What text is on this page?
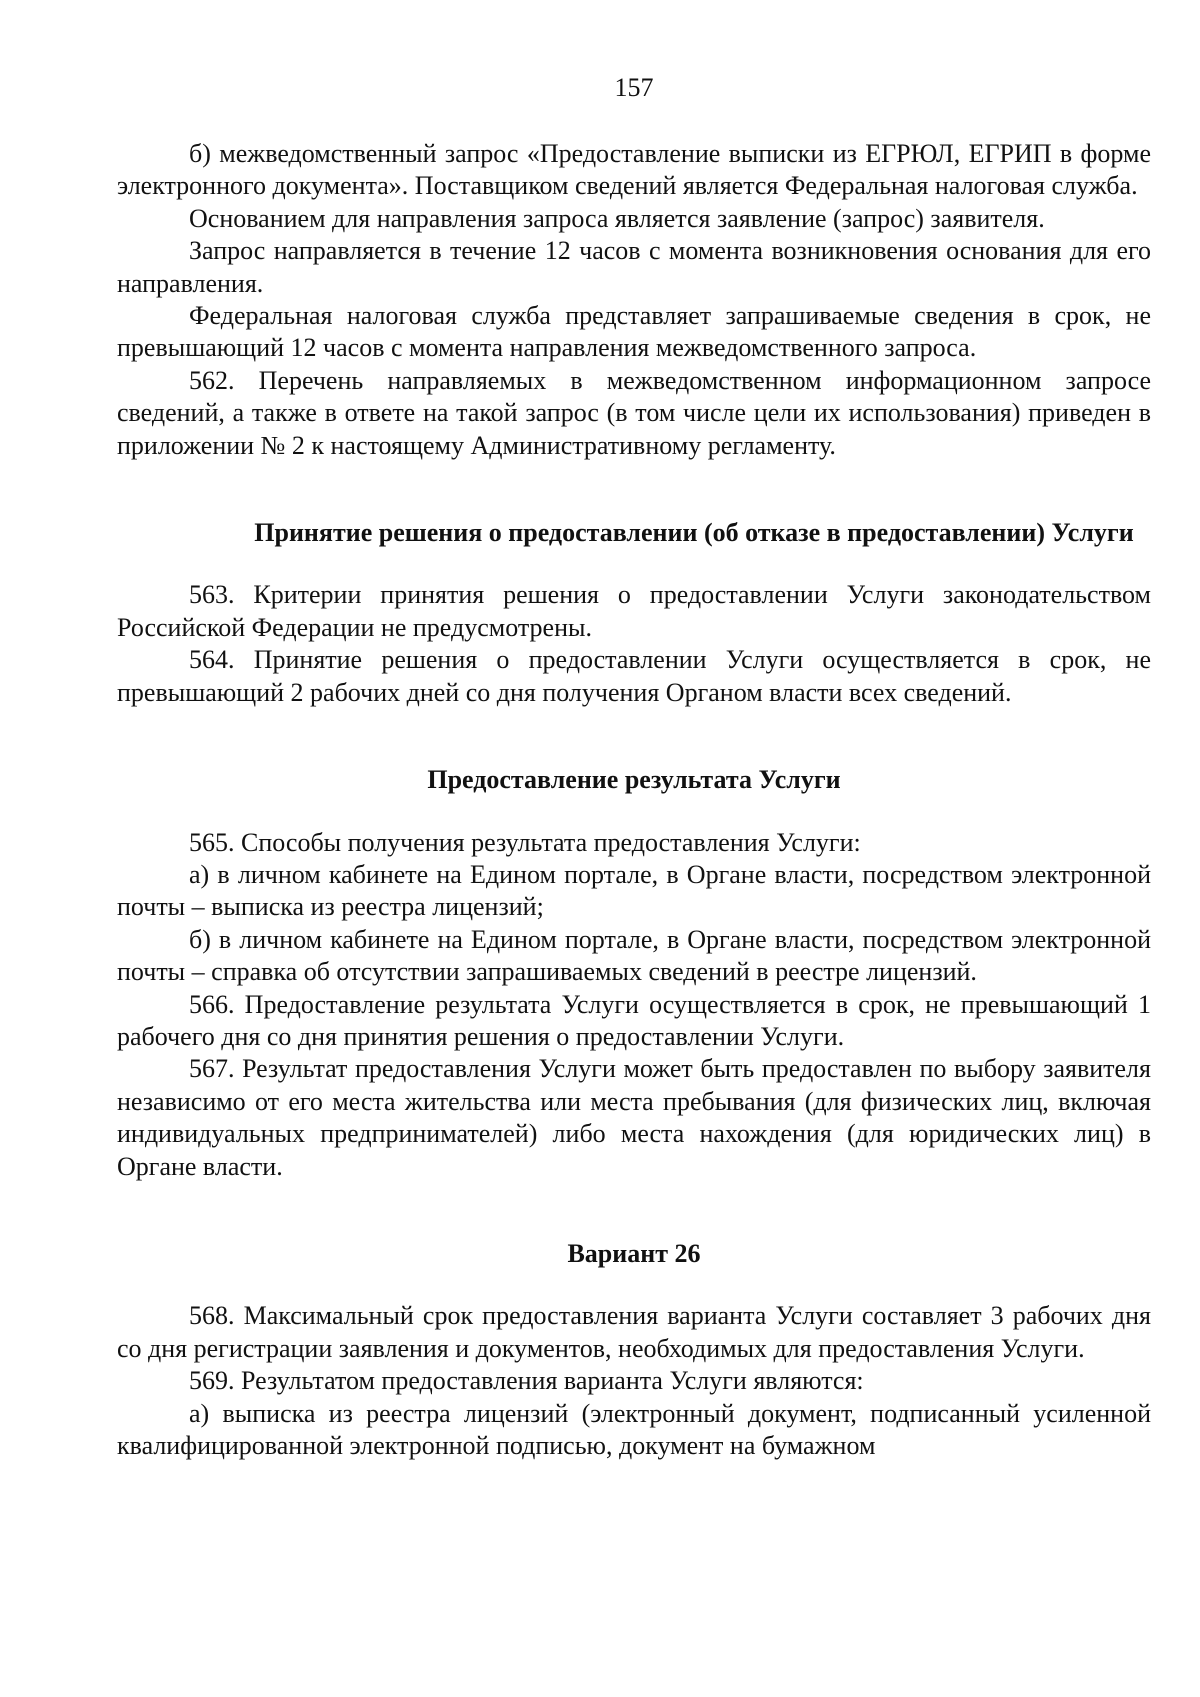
157

б) межведомственный запрос «Предоставление выписки из ЕГРЮЛ, ЕГРИП в форме электронного документа». Поставщиком сведений является Федеральная налоговая служба.

Основанием для направления запроса является заявление (запрос) заявителя.

Запрос направляется в течение 12 часов с момента возникновения основания для его направления.

Федеральная налоговая служба представляет запрашиваемые сведения в срок, не превышающий 12 часов с момента направления межведомственного запроса.

562. Перечень направляемых в межведомственном информационном запросе сведений, а также в ответе на такой запрос (в том числе цели их использования) приведен в приложении № 2 к настоящему Административному регламенту.

Принятие решения о предоставлении (об отказе в предоставлении) Услуги

563. Критерии принятия решения о предоставлении Услуги законодательством Российской Федерации не предусмотрены.

564. Принятие решения о предоставлении Услуги осуществляется в срок, не превышающий 2 рабочих дней со дня получения Органом власти всех сведений.

Предоставление результата Услуги

565. Способы получения результата предоставления Услуги:

а) в личном кабинете на Едином портале, в Органе власти, посредством электронной почты – выписка из реестра лицензий;

б) в личном кабинете на Едином портале, в Органе власти, посредством электронной почты – справка об отсутствии запрашиваемых сведений в реестре лицензий.

566. Предоставление результата Услуги осуществляется в срок, не превышающий 1 рабочего дня со дня принятия решения о предоставлении Услуги.

567. Результат предоставления Услуги может быть предоставлен по выбору заявителя независимо от его места жительства или места пребывания (для физических лиц, включая индивидуальных предпринимателей) либо места нахождения (для юридических лиц) в Органе власти.

Вариант 26

568. Максимальный срок предоставления варианта Услуги составляет 3 рабочих дня со дня регистрации заявления и документов, необходимых для предоставления Услуги.

569. Результатом предоставления варианта Услуги являются:

а) выписка из реестра лицензий (электронный документ, подписанный усиленной квалифицированной электронной подписью, документ на бумажном
